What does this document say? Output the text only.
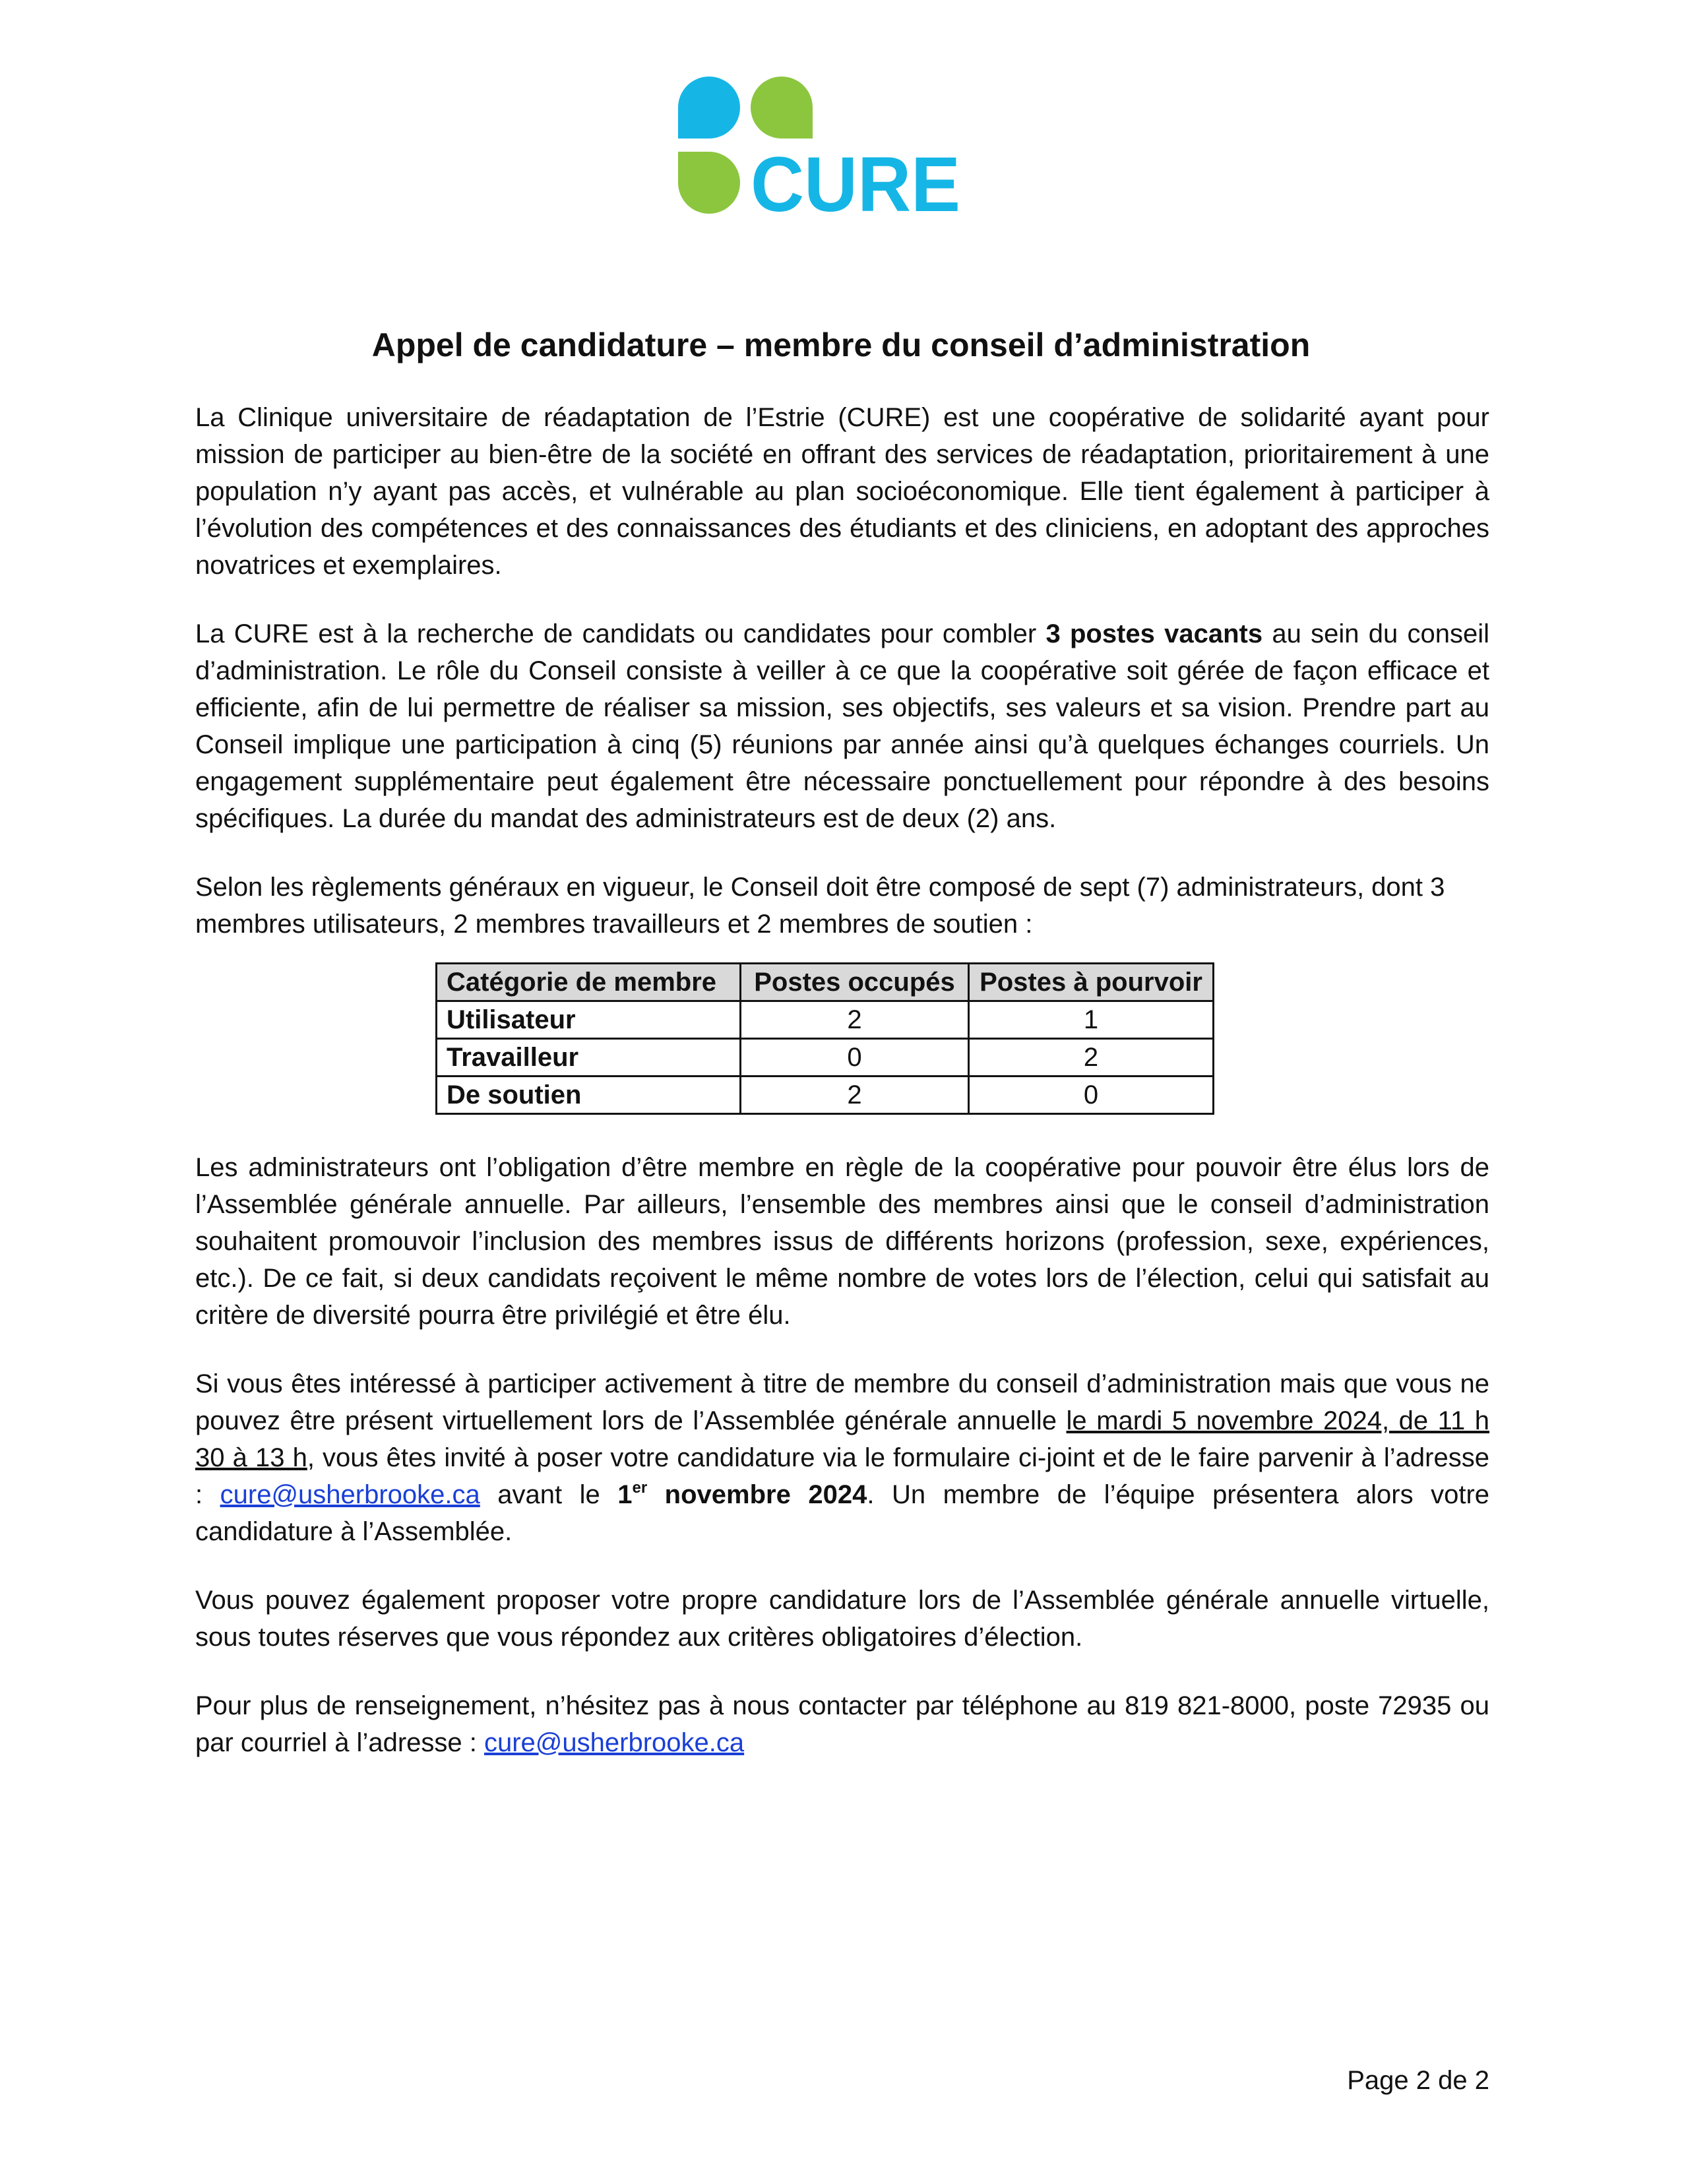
CURE
Appel de candidature – membre du conseil d’administration

La Clinique universitaire de réadaptation de l’Estrie (CURE) est une coopérative de solidarité ayant pour mission de participer au bien-être de la société en offrant des services de réadaptation, prioritairement à une population n’y ayant pas accès, et vulnérable au plan socioéconomique. Elle tient également à participer à l’évolution des compétences et des connaissances des étudiants et des cliniciens, en adoptant des approches novatrices et exemplaires.

La CURE est à la recherche de candidats ou candidates pour combler 3 postes vacants au sein du conseil d’administration. Le rôle du Conseil consiste à veiller à ce que la coopérative soit gérée de façon efficace et efficiente, afin de lui permettre de réaliser sa mission, ses objectifs, ses valeurs et sa vision. Prendre part au Conseil implique une participation à cinq (5) réunions par année ainsi qu’à quelques échanges courriels. Un engagement supplémentaire peut également être nécessaire ponctuellement pour répondre à des besoins spécifiques. La durée du mandat des administrateurs est de deux (2) ans.

Selon les règlements généraux en vigueur, le Conseil doit être composé de sept (7) administrateurs, dont 3 membres utilisateurs, 2 membres travailleurs et 2 membres de soutien :

Catégorie de membre	Postes occupés	Postes à pourvoir
Utilisateur	2	1
Travailleur	0	2
De soutien	2	0

Les administrateurs ont l’obligation d’être membre en règle de la coopérative pour pouvoir être élus lors de l’Assemblée générale annuelle. Par ailleurs, l’ensemble des membres ainsi que le conseil d’administration souhaitent promouvoir l’inclusion des membres issus de différents horizons (profession, sexe, expériences, etc.). De ce fait, si deux candidats reçoivent le même nombre de votes lors de l’élection, celui qui satisfait au critère de diversité pourra être privilégié et être élu.

Si vous êtes intéressé à participer activement à titre de membre du conseil d’administration mais que vous ne pouvez être présent virtuellement lors de l’Assemblée générale annuelle le mardi 5 novembre 2024, de 11 h 30 à 13 h, vous êtes invité à poser votre candidature via le formulaire ci-joint et de le faire parvenir à l’adresse : cure@usherbrooke.ca avant le 1er novembre 2024. Un membre de l’équipe présentera alors votre candidature à l’Assemblée.

Vous pouvez également proposer votre propre candidature lors de l’Assemblée générale annuelle virtuelle, sous toutes réserves que vous répondez aux critères obligatoires d’élection.

Pour plus de renseignement, n’hésitez pas à nous contacter par téléphone au 819 821-8000, poste 72935 ou par courriel à l’adresse : cure@usherbrooke.ca

Page 2 de 2
